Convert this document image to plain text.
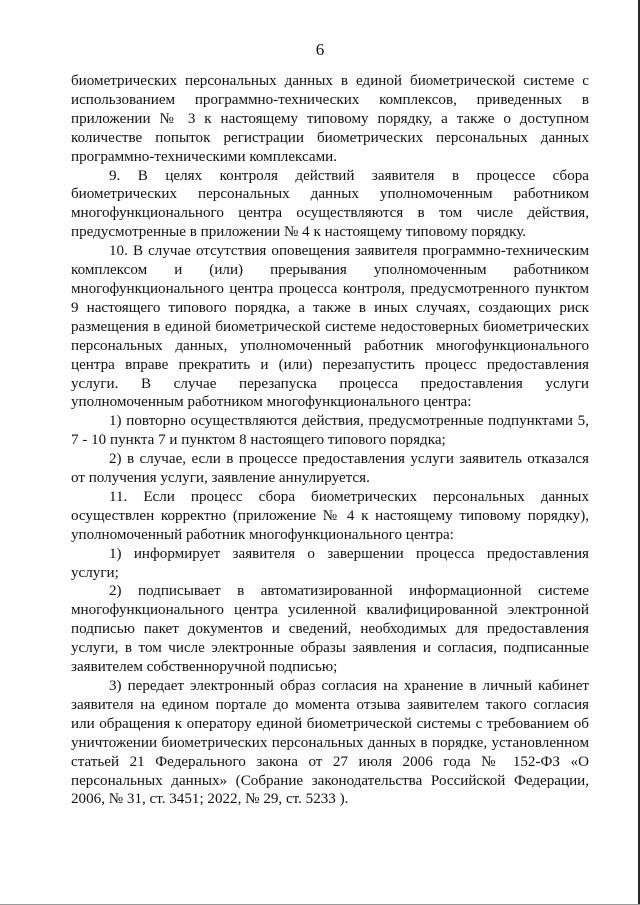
6

биометрических персональных данных в единой биометрической системе с использованием программно-технических комплексов, приведенных в приложении № 3 к настоящему типовому порядку, а также о доступном количестве попыток регистрации биометрических персональных данных программно-техническими комплексами.

9. В целях контроля действий заявителя в процессе сбора биометрических персональных данных уполномоченным работником многофункционального центра осуществляются в том числе действия, предусмотренные в приложении № 4 к настоящему типовому порядку.

10. В случае отсутствия оповещения заявителя программно-техническим комплексом и (или) прерывания уполномоченным работником многофункционального центра процесса контроля, предусмотренного пунктом 9 настоящего типового порядка, а также в иных случаях, создающих риск размещения в единой биометрической системе недостоверных биометрических персональных данных, уполномоченный работник многофункционального центра вправе прекратить и (или) перезапустить процесс предоставления услуги. В случае перезапуска процесса предоставления услуги уполномоченным работником многофункционального центра:

1) повторно осуществляются действия, предусмотренные подпунктами 5, 7 - 10 пункта 7 и пунктом 8 настоящего типового порядка;

2) в случае, если в процессе предоставления услуги заявитель отказался от получения услуги, заявление аннулируется.

11. Если процесс сбора биометрических персональных данных осуществлен корректно (приложение № 4 к настоящему типовому порядку), уполномоченный работник многофункционального центра:

1) информирует заявителя о завершении процесса предоставления услуги;

2) подписывает в автоматизированной информационной системе многофункционального центра усиленной квалифицированной электронной подписью пакет документов и сведений, необходимых для предоставления услуги, в том числе электронные образы заявления и согласия, подписанные заявителем собственноручной подписью;

3) передает электронный образ согласия на хранение в личный кабинет заявителя на едином портале до момента отзыва заявителем такого согласия или обращения к оператору единой биометрической системы с требованием об уничтожении биометрических персональных данных в порядке, установленном статьей 21 Федерального закона от 27 июля 2006 года № 152-ФЗ «О персональных данных» (Собрание законодательства Российской Федерации, 2006, № 31, ст. 3451; 2022, № 29, ст. 5233 ).
